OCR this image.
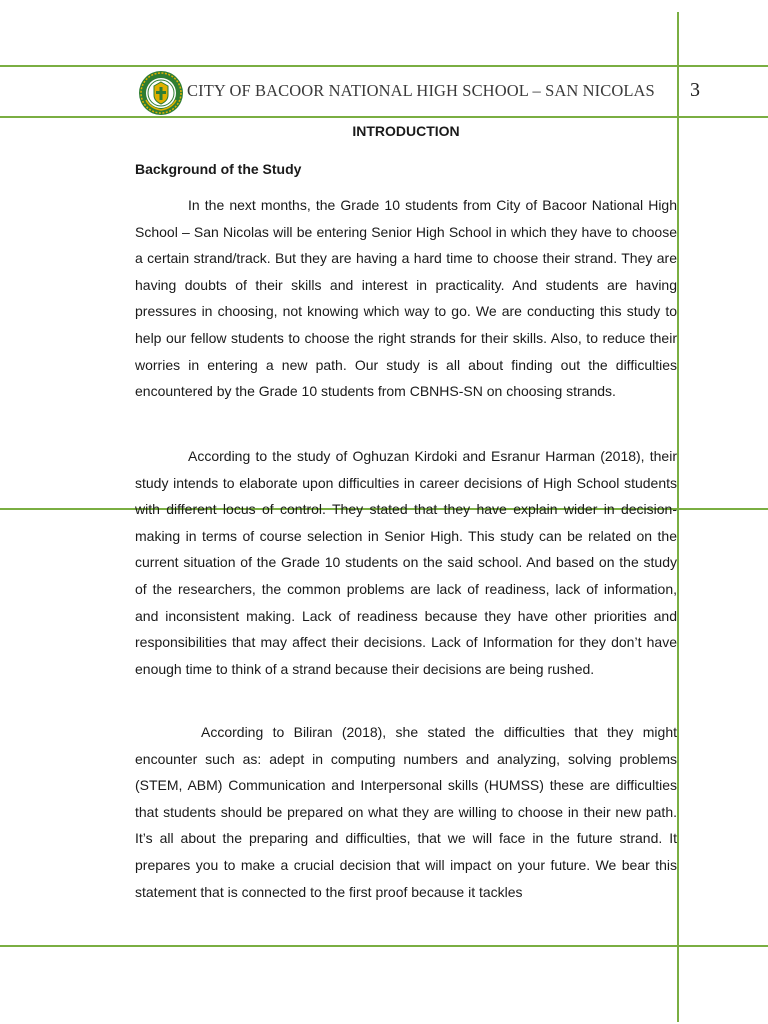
CITY OF BACOOR NATIONAL HIGH SCHOOL – SAN NICOLAS 3
INTRODUCTION
Background of the Study

In the next months, the Grade 10 students from City of Bacoor National High School – San Nicolas will be entering Senior High School in which they have to choose a certain strand/track. But they are having a hard time to choose their strand. They are having doubts of their skills and interest in practicality. And students are having pressures in choosing, not knowing which way to go. We are conducting this study to help our fellow students to choose the right strands for their skills. Also, to reduce their worries in entering a new path. Our study is all about finding out the difficulties encountered by the Grade 10 students from CBNHS-SN on choosing strands.

According to the study of Oghuzan Kirdoki and Esranur Harman (2018), their study intends to elaborate upon difficulties in career decisions of High School students with different locus of control. They stated that they have explain wider in decision-making in terms of course selection in Senior High. This study can be related on the current situation of the Grade 10 students on the said school. And based on the study of the researchers, the common problems are lack of readiness, lack of information, and inconsistent making. Lack of readiness because they have other priorities and responsibilities that may affect their decisions. Lack of Information for they don’t have enough time to think of a strand because their decisions are being rushed.

According to Biliran (2018), she stated the difficulties that they might encounter such as: adept in computing numbers and analyzing, solving problems (STEM, ABM) Communication and Interpersonal skills (HUMSS) these are difficulties that students should be prepared on what they are willing to choose in their new path. It’s all about the preparing and difficulties, that we will face in the future strand. It prepares you to make a crucial decision that will impact on your future. We bear this statement that is connected to the first proof because it tackles
